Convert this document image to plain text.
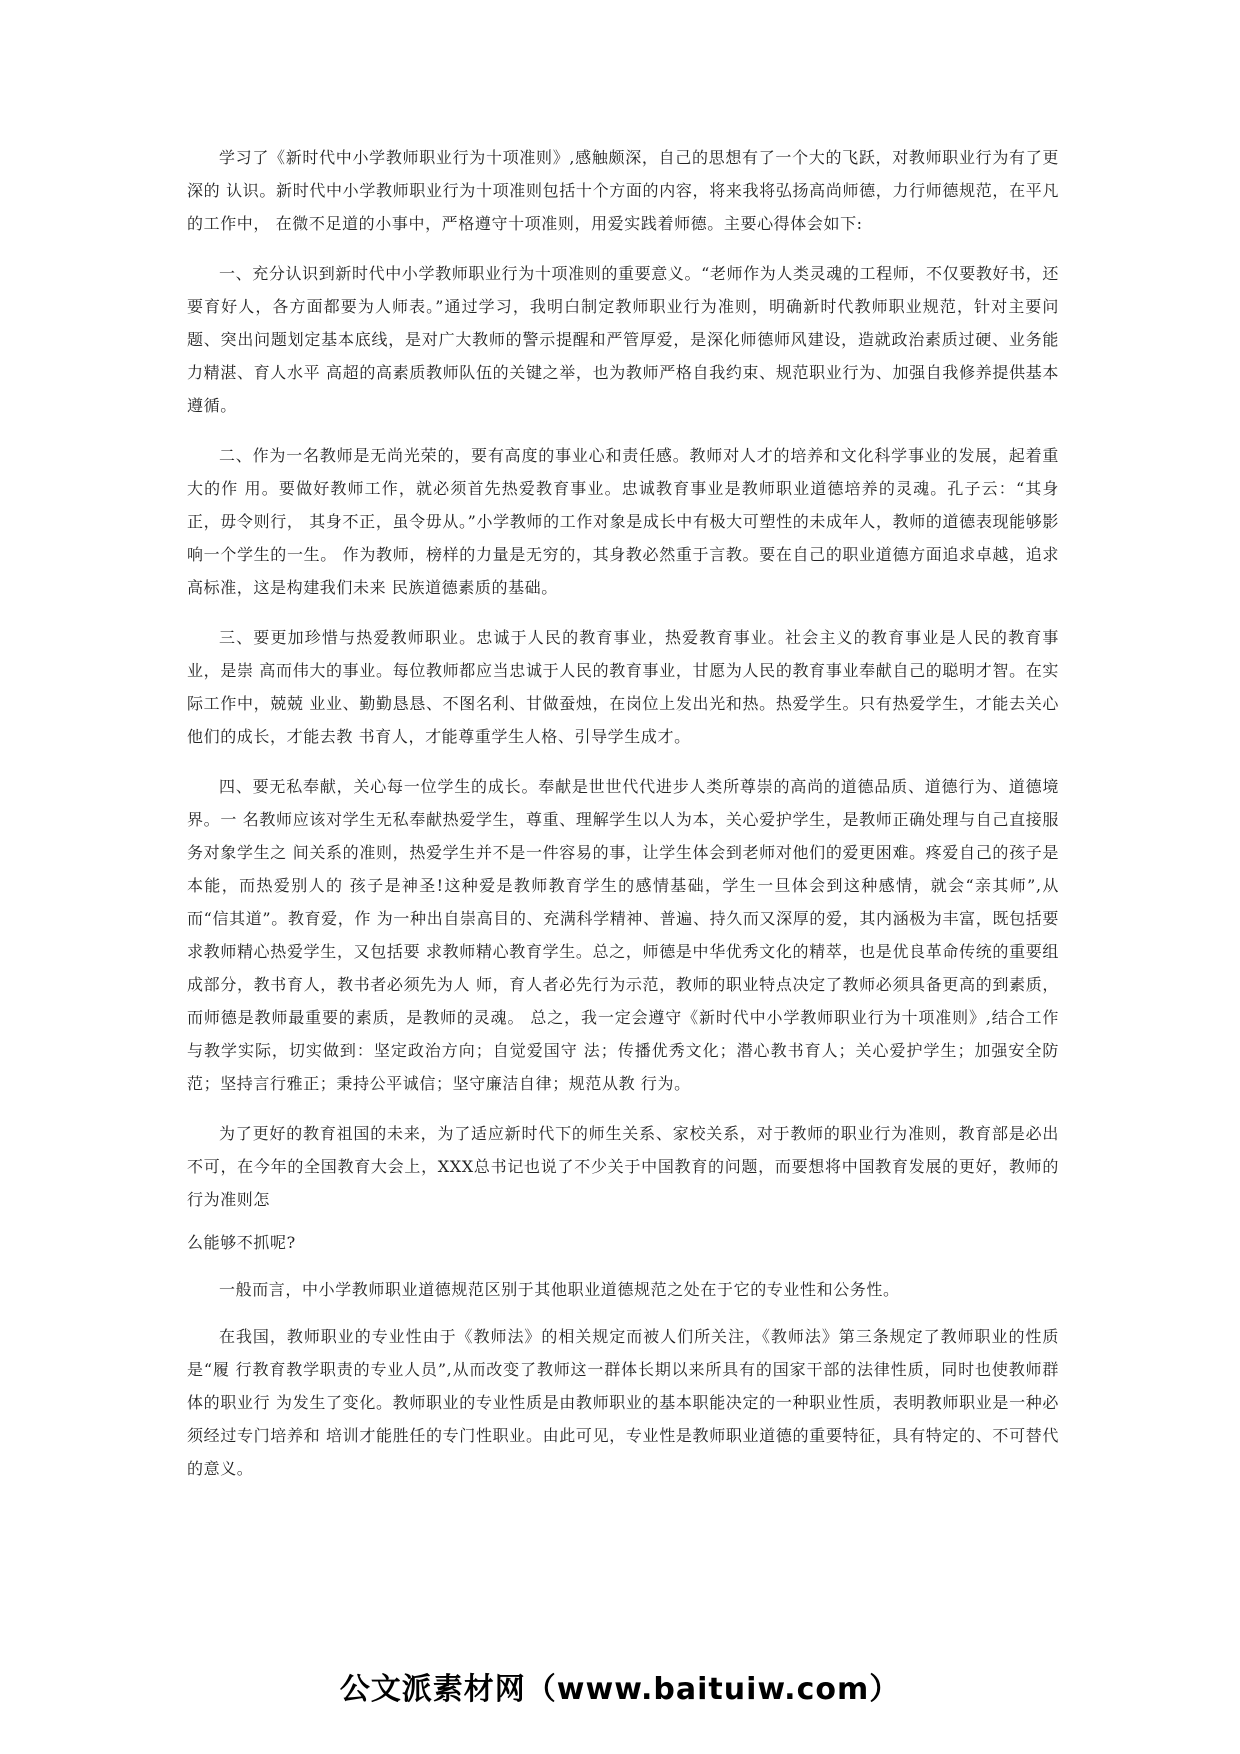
学习了《新时代中小学教师职业行为十项准则》,感触颇深，自己的思想有了一个大的飞跃，对教师职业行为有了更深的 认识。新时代中小学教师职业行为十项准则包括十个方面的内容，将来我将弘扬高尚师德，力行师德规范，在平凡的工作中， 在微不足道的小事中，严格遵守十项准则，用爱实践着师德。主要心得体会如下:

一、充分认识到新时代中小学教师职业行为十项准则的重要意义。“老师作为人类灵魂的工程师，不仅要教好书，还要育好人，各方面都要为人师表。”通过学习，我明白制定教师职业行为准则，明确新时代教师职业规范，针对主要问题、突出问题划定基本底线，是对广大教师的警示提醒和严管厚爱，是深化师德师风建设，造就政治素质过硬、业务能力精湛、育人水平 高超的高素质教师队伍的关键之举，也为教师严格自我约束、规范职业行为、加强自我修养提供基本遵循。

二、作为一名教师是无尚光荣的，要有高度的事业心和责任感。教师对人才的培养和文化科学事业的发展，起着重大的作 用。要做好教师工作，就必须首先热爱教育事业。忠诚教育事业是教师职业道德培养的灵魂。孔子云：“其身正，毋令则行， 其身不正，虽令毋从。”小学教师的工作对象是成长中有极大可塑性的未成年人，教师的道德表现能够影响一个学生的一生。 作为教师，榜样的力量是无穷的，其身教必然重于言教。要在自己的职业道德方面追求卓越，追求高标准，这是构建我们未来 民族道德素质的基础。

三、要更加珍惜与热爱教师职业。忠诚于人民的教育事业，热爱教育事业。社会主义的教育事业是人民的教育事业，是崇 高而伟大的事业。每位教师都应当忠诚于人民的教育事业，甘愿为人民的教育事业奉献自己的聪明才智。在实际工作中，兢兢 业业、勤勤恳恳、不图名利、甘做蚕烛，在岗位上发出光和热。热爱学生。只有热爱学生，才能去关心他们的成长，才能去教 书育人，才能尊重学生人格、引导学生成才。

四、要无私奉献，关心每一位学生的成长。奉献是世世代代进步人类所尊崇的高尚的道德品质、道德行为、道德境界。一 名教师应该对学生无私奉献热爱学生，尊重、理解学生以人为本，关心爱护学生，是教师正确处理与自己直接服务对象学生之 间关系的准则，热爱学生并不是一件容易的事，让学生体会到老师对他们的爱更困难。疼爱自己的孩子是本能，而热爱别人的 孩子是神圣!这种爱是教师教育学生的感情基础，学生一旦体会到这种感情，就会“亲其师”,从而“信其道”。教育爱，作 为一种出自崇高目的、充满科学精神、普遍、持久而又深厚的爱，其内涵极为丰富，既包括要求教师精心热爱学生，又包括要 求教师精心教育学生。总之，师德是中华优秀文化的精萃，也是优良革命传统的重要组成部分，教书育人，教书者必须先为人 师，育人者必先行为示范，教师的职业特点决定了教师必须具备更高的到素质，而师德是教师最重要的素质，是教师的灵魂。 总之，我一定会遵守《新时代中小学教师职业行为十项准则》,结合工作与教学实际，切实做到：坚定政治方向；自觉爱国守 法；传播优秀文化；潜心教书育人；关心爱护学生；加强安全防范；坚持言行雅正；秉持公平诚信；坚守廉洁自律；规范从教 行为。

为了更好的教育祖国的未来，为了适应新时代下的师生关系、家校关系，对于教师的职业行为准则，教育部是必出不可，在今年的全国教育大会上，XXX总书记也说了不少关于中国教育的问题，而要想将中国教育发展的更好，教师的行为准则怎

么能够不抓呢?

一般而言，中小学教师职业道德规范区别于其他职业道德规范之处在于它的专业性和公务性。

在我国，教师职业的专业性由于《教师法》的相关规定而被人们所关注，《教师法》第三条规定了教师职业的性质是“履 行教育教学职责的专业人员”,从而改变了教师这一群体长期以来所具有的国家干部的法律性质，同时也使教师群体的职业行 为发生了变化。教师职业的专业性质是由教师职业的基本职能决定的一种职业性质，表明教师职业是一种必须经过专门培养和 培训才能胜任的专门性职业。由此可见，专业性是教师职业道德的重要特征，具有特定的、不可替代的意义。

公文派素材网（www.baituiw.com）
